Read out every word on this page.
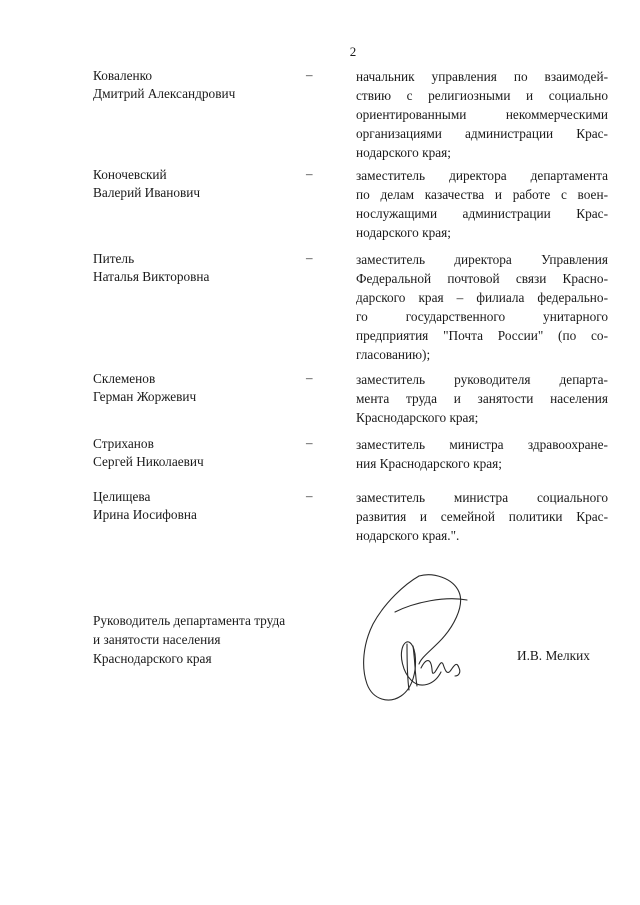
2
Коваленко
Дмитрий Александрович
–	начальник управления по взаимодей-
ствию с религиозными и социально
ориентированными некоммерческими
организациями администрации Крас-
нодарского края;
Коночевский
Валерий Иванович
–	заместитель директора департамента
по делам казачества и работе с воен-
нослужащими администрации Крас-
нодарского края;
Питель
Наталья Викторовна
–	заместитель директора Управления
Федеральной почтовой связи Красно-
дарского края – филиала федерально-
го государственного унитарного
предприятия "Почта России" (по со-
гласованию);
Склеменов
Герман Жоржевич
–	заместитель руководителя департа-
мента труда и занятости населения
Краснодарского края;
Стриханов
Сергей Николаевич
–	заместитель министра здравоохране-
ния Краснодарского края;
Целищева
Ирина Иосифовна
–	заместитель министра социального
развития и семейной политики Крас-
нодарского края.".
Руководитель департамента труда
и занятости населения
Краснодарского края	И.В. Мелких
